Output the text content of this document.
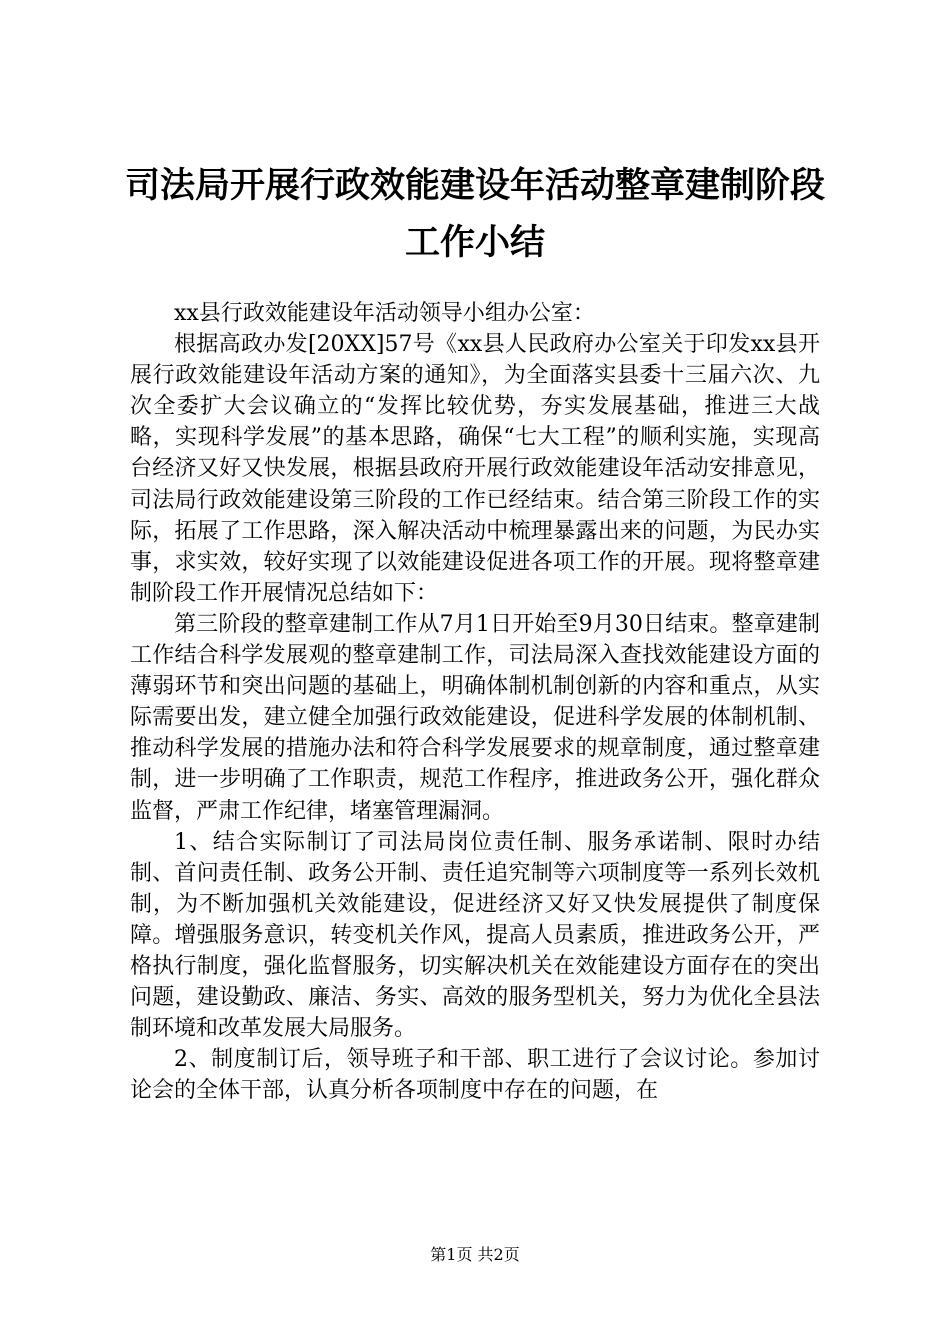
司法局开展行政效能建设年活动整章建制阶段
工作小结

xx县行政效能建设年活动领导小组办公室：

根据高政办发[20XX]57号《xx县人民政府办公室关于印发xx县开展行政效能建设年活动方案的通知》，为全面落实县委十三届六次、九次全委扩大会议确立的“发挥比较优势，夯实发展基础，推进三大战略，实现科学发展”的基本思路，确保“七大工程”的顺利实施，实现高台经济又好又快发展，根据县政府开展行政效能建设年活动安排意见，司法局行政效能建设第三阶段的工作已经结束。结合第三阶段工作的实际，拓展了工作思路，深入解决活动中梳理暴露出来的问题，为民办实事，求实效，较好实现了以效能建设促进各项工作的开展。现将整章建制阶段工作开展情况总结如下：

第三阶段的整章建制工作从7月1日开始至9月30日结束。整章建制工作结合科学发展观的整章建制工作，司法局深入查找效能建设方面的薄弱环节和突出问题的基础上，明确体制机制创新的内容和重点，从实际需要出发，建立健全加强行政效能建设，促进科学发展的体制机制、推动科学发展的措施办法和符合科学发展要求的规章制度，通过整章建制，进一步明确了工作职责，规范工作程序，推进政务公开，强化群众监督，严肃工作纪律，堵塞管理漏洞。

1、结合实际制订了司法局岗位责任制、服务承诺制、限时办结制、首问责任制、政务公开制、责任追究制等六项制度等一系列长效机制，为不断加强机关效能建设，促进经济又好又快发展提供了制度保障。增强服务意识，转变机关作风，提高人员素质，推进政务公开，严格执行制度，强化监督服务，切实解决机关在效能建设方面存在的突出问题，建设勤政、廉洁、务实、高效的服务型机关，努力为优化全县法制环境和改革发展大局服务。

2、制度制订后，领导班子和干部、职工进行了会议讨论。参加讨论会的全体干部，认真分析各项制度中存在的问题，在

第1页 共2页
